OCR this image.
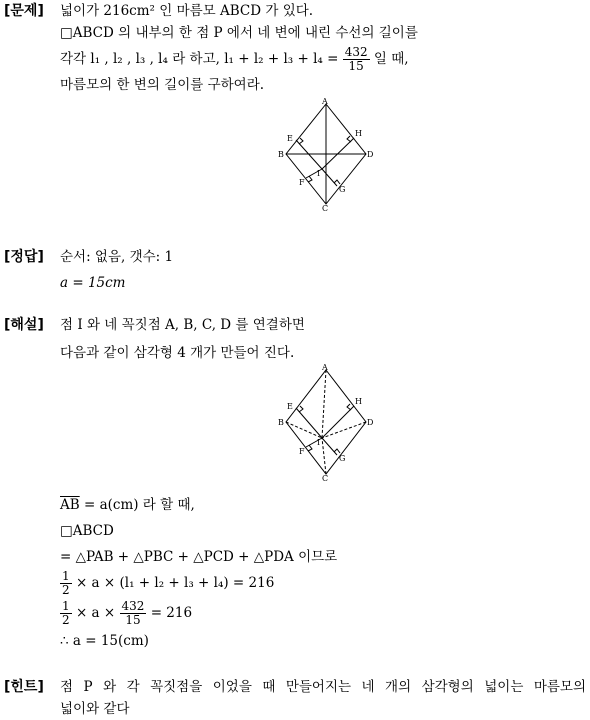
[문제] 넓이가 216cm² 인 마름모 ABCD 가 있다.
□ABCD 의 내부의 한 점 P 에서 네 변에 내린 수선의 길이를
각각 l₁ , l₂ , l₃ , l₄ 라 하고, $l_1 + l_2 + l_3 + l_4 = \frac{432}{15}$ 일 때,
마름모의 한 변의 길이를 구하여라.
A
B
C
D
E
F
G
H
I
[정답] 순서: 없음, 갯수: 1
a = 15cm
[해설] 점 I 와 네 꼭짓점 A, B, C, D 를 연결하면
다음과 같이 삼각형 4 개가 만들어 진다.
A
B
C
D
E
F
G
H
I
$\overline{AB} = a(cm)$ 라 할 때,
□ABCD
= △PAB + △PBC + △PCD + △PDA 이므로
$\frac{1}{2} \times a \times (l_1 + l_2 + l_3 + l_4) = 216$
$\frac{1}{2} \times a \times \frac{432}{15} = 216$
∴ a = 15(cm)
[힌트] 점 P 와 각 꼭짓점을 이었을 때 만들어지는 네 개의 삼각형의 넓이는 마름모의
넓이와 같다
